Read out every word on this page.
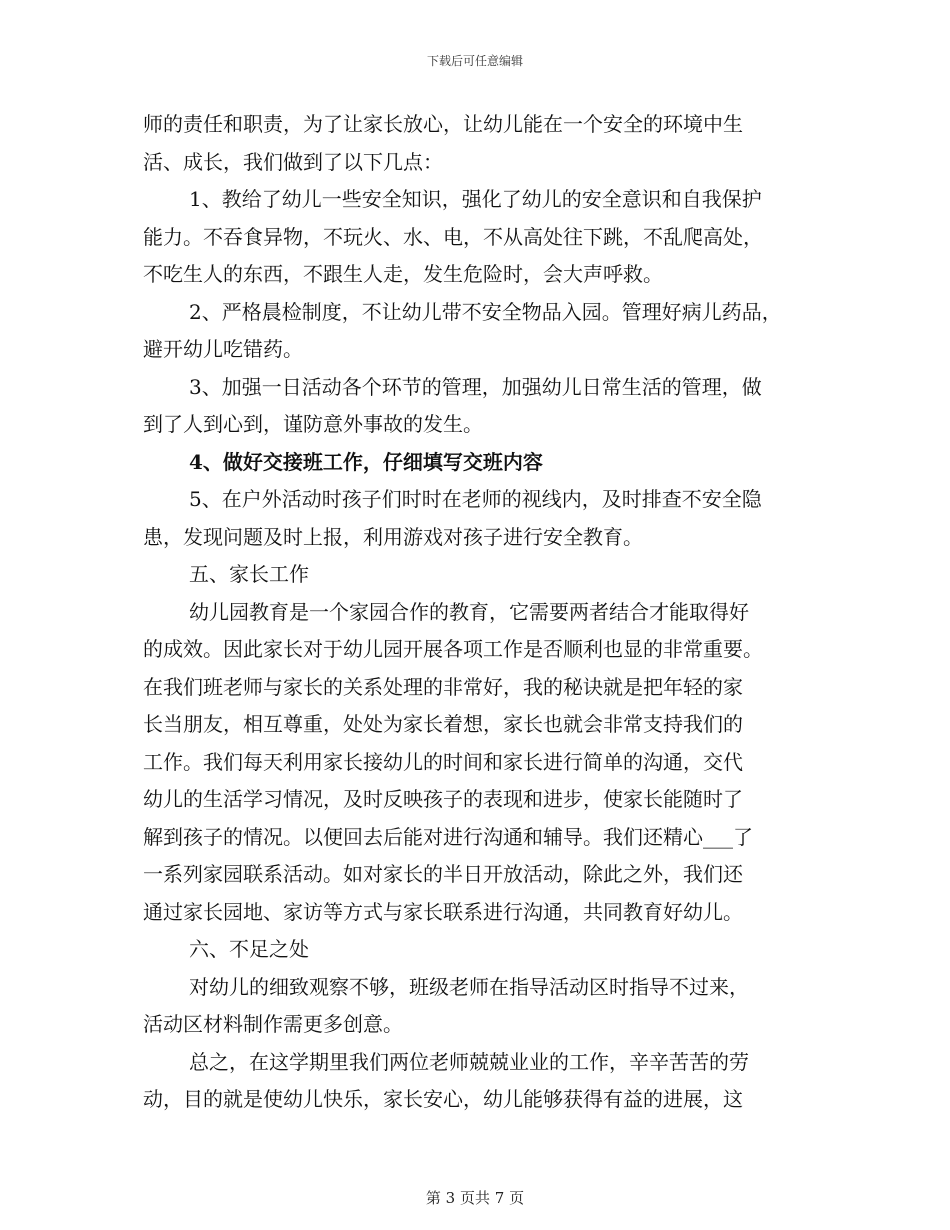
下载后可任意编辑
师的责任和职责，为了让家长放心，让幼儿能在一个安全的环境中生
活、成长，我们做到了以下几点：
1、教给了幼儿一些安全知识，强化了幼儿的安全意识和自我保护
能力。不吞食异物，不玩火、水、电，不从高处往下跳，不乱爬高处，
不吃生人的东西，不跟生人走，发生危险时，会大声呼救。
2、严格晨检制度，不让幼儿带不安全物品入园。管理好病儿药品，
避开幼儿吃错药。
3、加强一日活动各个环节的管理，加强幼儿日常生活的管理，做
到了人到心到，谨防意外事故的发生。
4、做好交接班工作，仔细填写交班内容
5、在户外活动时孩子们时时在老师的视线内，及时排查不安全隐
患，发现问题及时上报，利用游戏对孩子进行安全教育。
五、家长工作
幼儿园教育是一个家园合作的教育，它需要两者结合才能取得好
的成效。因此家长对于幼儿园开展各项工作是否顺利也显的非常重要。
在我们班老师与家长的关系处理的非常好，我的秘诀就是把年轻的家
长当朋友，相互尊重，处处为家长着想，家长也就会非常支持我们的
工作。我们每天利用家长接幼儿的时间和家长进行简单的沟通，交代
幼儿的生活学习情况，及时反映孩子的表现和进步，使家长能随时了
解到孩子的情况。以便回去后能对进行沟通和辅导。我们还精心___了
一系列家园联系活动。如对家长的半日开放活动，除此之外，我们还
通过家长园地、家访等方式与家长联系进行沟通，共同教育好幼儿。
六、不足之处
对幼儿的细致观察不够，班级老师在指导活动区时指导不过来，
活动区材料制作需更多创意。
总之，在这学期里我们两位老师兢兢业业的工作，辛辛苦苦的劳
动，目的就是使幼儿快乐，家长安心，幼儿能够获得有益的进展，这
第 3 页共 7 页
